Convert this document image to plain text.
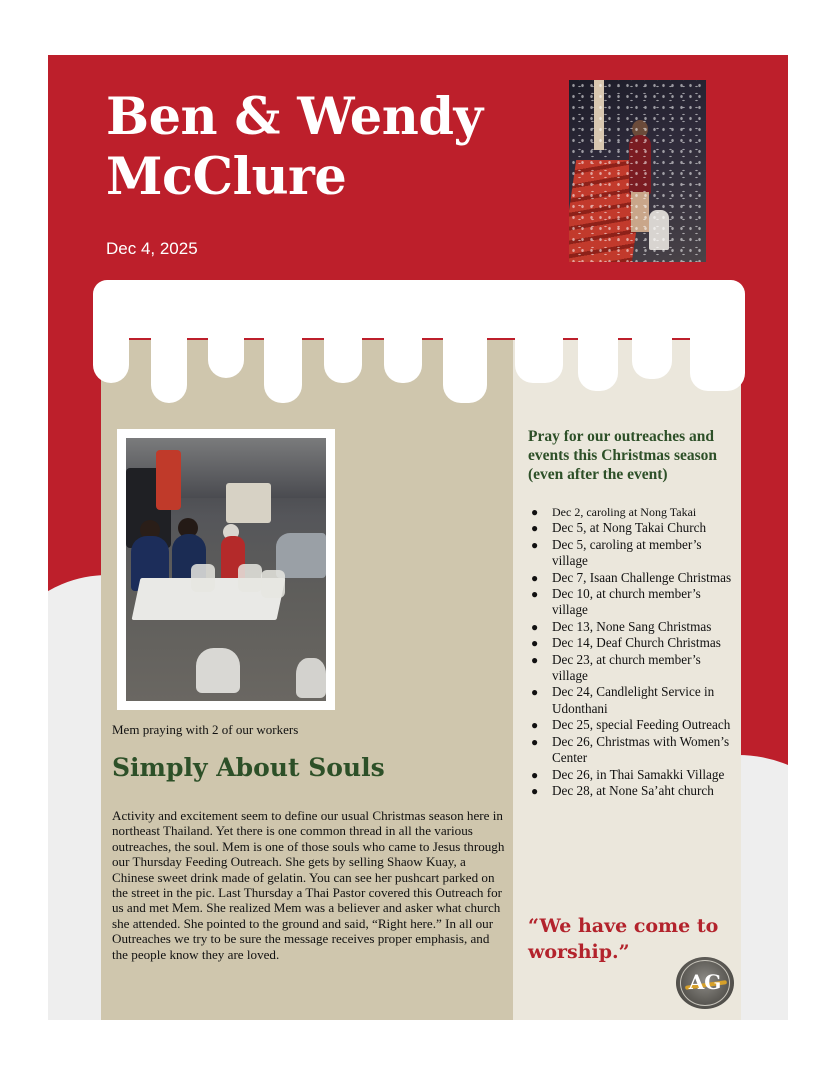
Ben & Wendy McClure
Dec 4, 2025
Mem praying with 2 of our workers
Simply About Souls

Activity and excitement seem to define our usual Christmas season here in northeast Thailand. Yet there is one common thread in all the various outreaches, the soul. Mem is one of those souls who came to Jesus through our Thursday Feeding Outreach. She gets by selling Shaow Kuay, a Chinese sweet drink made of gelatin. You can see her pushcart parked on the street in the pic. Last Thursday a Thai Pastor covered this Outreach for us and met Mem. She realized Mem was a believer and asker what church she attended. She pointed to the ground and said, “Right here.” In all our Outreaches we try to be sure the message receives proper emphasis, and the people know they are loved.

Pray for our outreaches and events this Christmas season (even after the event)
● Dec 2, caroling at Nong Takai
● Dec 5, at Nong Takai Church
● Dec 5, caroling at member’s village
● Dec 7, Isaan Challenge Christmas
● Dec 10, at church member’s village
● Dec 13, None Sang Christmas
● Dec 14, Deaf Church Christmas
● Dec 23, at church member’s village
● Dec 24, Candlelight Service in Udonthani
● Dec 25, special Feeding Outreach
● Dec 26, Christmas with Women’s Center
● Dec 26, in Thai Samakki Village
● Dec 28, at None Sa’aht church
“We have come to worship.”
AG
